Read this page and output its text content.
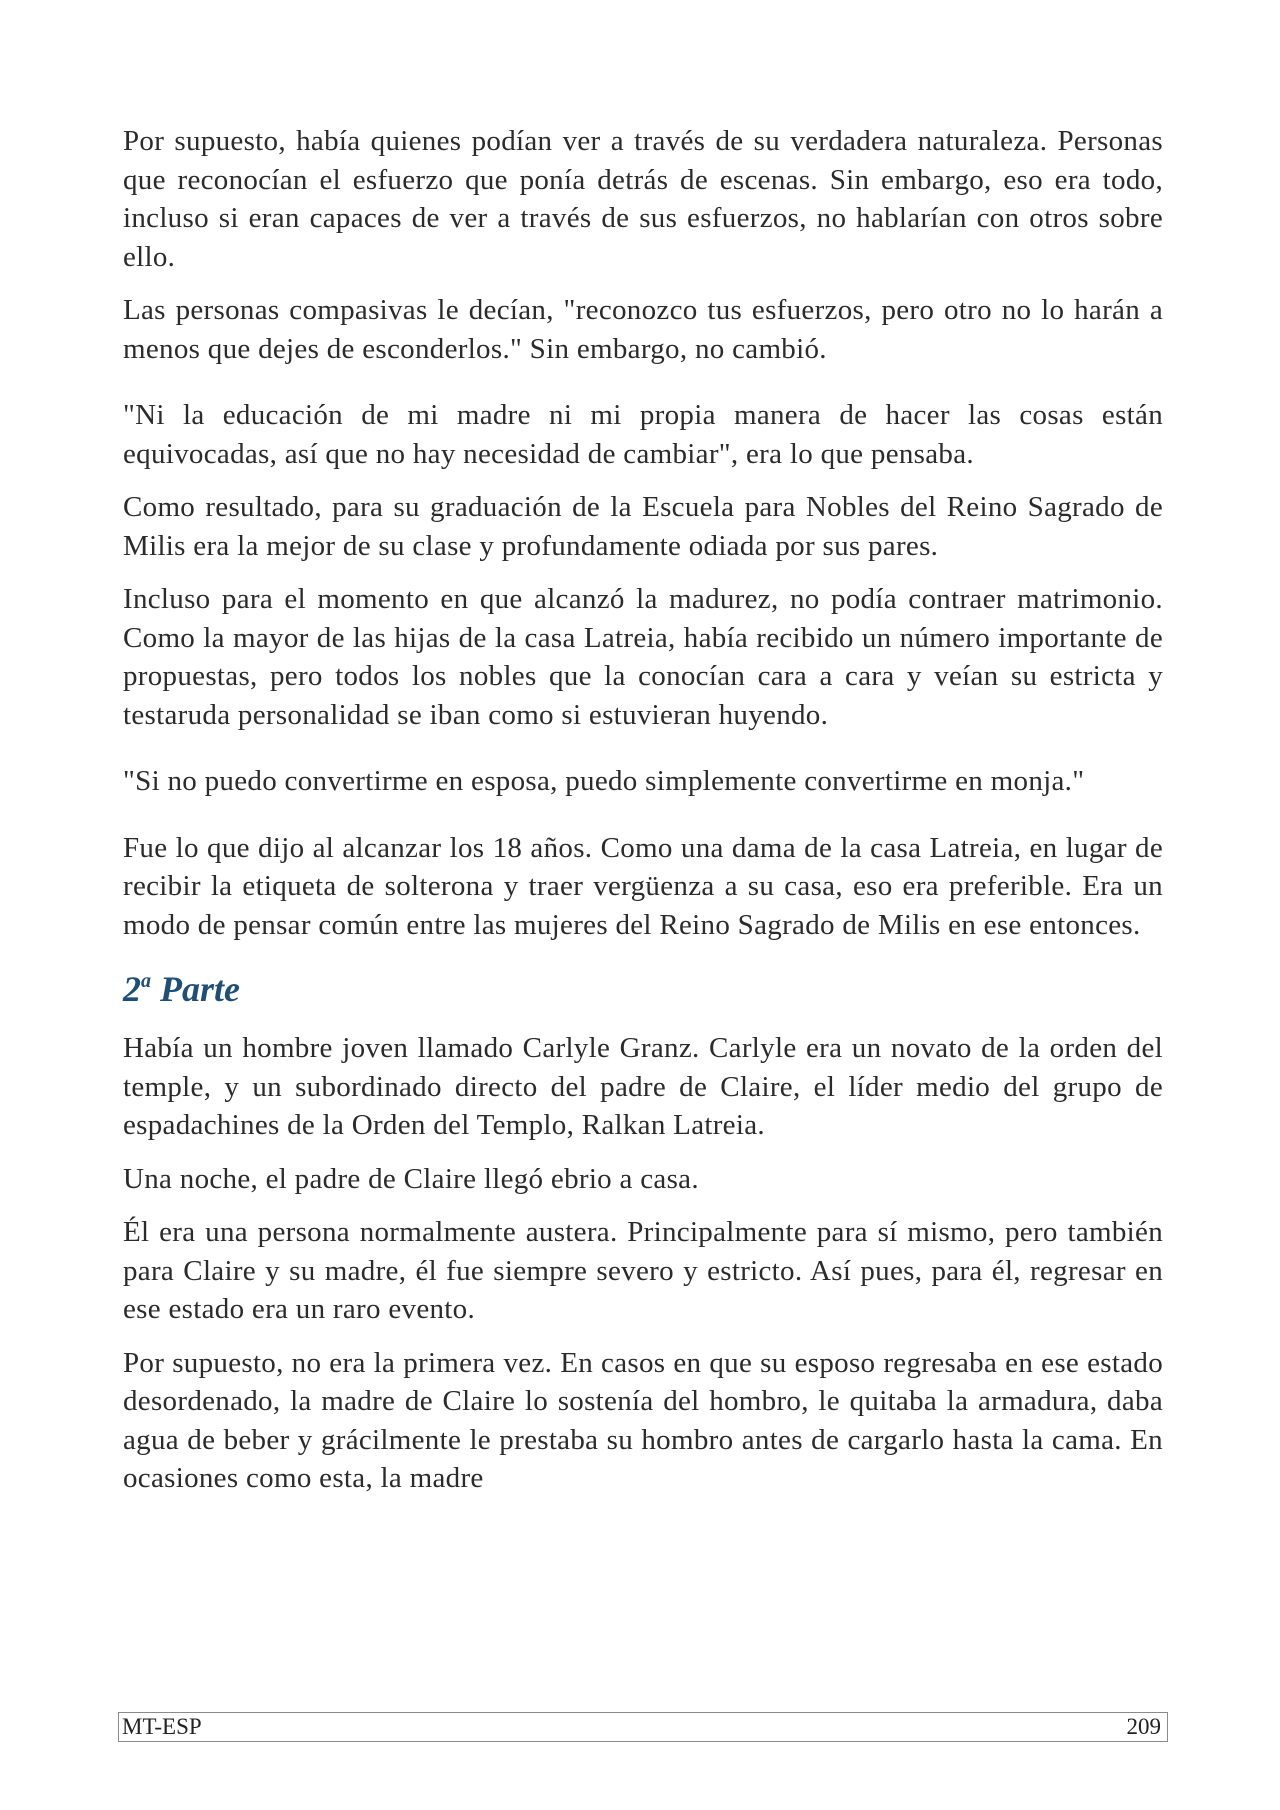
Por supuesto, había quienes podían ver a través de su verdadera naturaleza. Personas que reconocían el esfuerzo que ponía detrás de escenas. Sin embargo, eso era todo, incluso si eran capaces de ver a través de sus esfuerzos, no hablarían con otros sobre ello.

Las personas compasivas le decían, "reconozco tus esfuerzos, pero otro no lo harán a menos que dejes de esconderlos." Sin embargo, no cambió.

"Ni la educación de mi madre ni mi propia manera de hacer las cosas están equivocadas, así que no hay necesidad de cambiar", era lo que pensaba.

Como resultado, para su graduación de la Escuela para Nobles del Reino Sagrado de Milis era la mejor de su clase y profundamente odiada por sus pares.

Incluso para el momento en que alcanzó la madurez, no podía contraer matrimonio. Como la mayor de las hijas de la casa Latreia, había recibido un número importante de propuestas, pero todos los nobles que la conocían cara a cara y veían su estricta y testaruda personalidad se iban como si estuvieran huyendo.

"Si no puedo convertirme en esposa, puedo simplemente convertirme en monja."

Fue lo que dijo al alcanzar los 18 años. Como una dama de la casa Latreia, en lugar de recibir la etiqueta de solterona y traer vergüenza a su casa, eso era preferible. Era un modo de pensar común entre las mujeres del Reino Sagrado de Milis en ese entonces.

2$^a$ Parte

Había un hombre joven llamado Carlyle Granz. Carlyle era un novato de la orden del temple, y un subordinado directo del padre de Claire, el líder medio del grupo de espadachines de la Orden del Templo, Ralkan Latreia.

Una noche, el padre de Claire llegó ebrio a casa.

Él era una persona normalmente austera. Principalmente para sí mismo, pero también para Claire y su madre, él fue siempre severo y estricto. Así pues, para él, regresar en ese estado era un raro evento.

Por supuesto, no era la primera vez. En casos en que su esposo regresaba en ese estado desordenado, la madre de Claire lo sostenía del hombro, le quitaba la armadura, daba agua de beber y grácilmente le prestaba su hombro antes de cargarlo hasta la cama. En ocasiones como esta, la madre

MT-ESP	209
